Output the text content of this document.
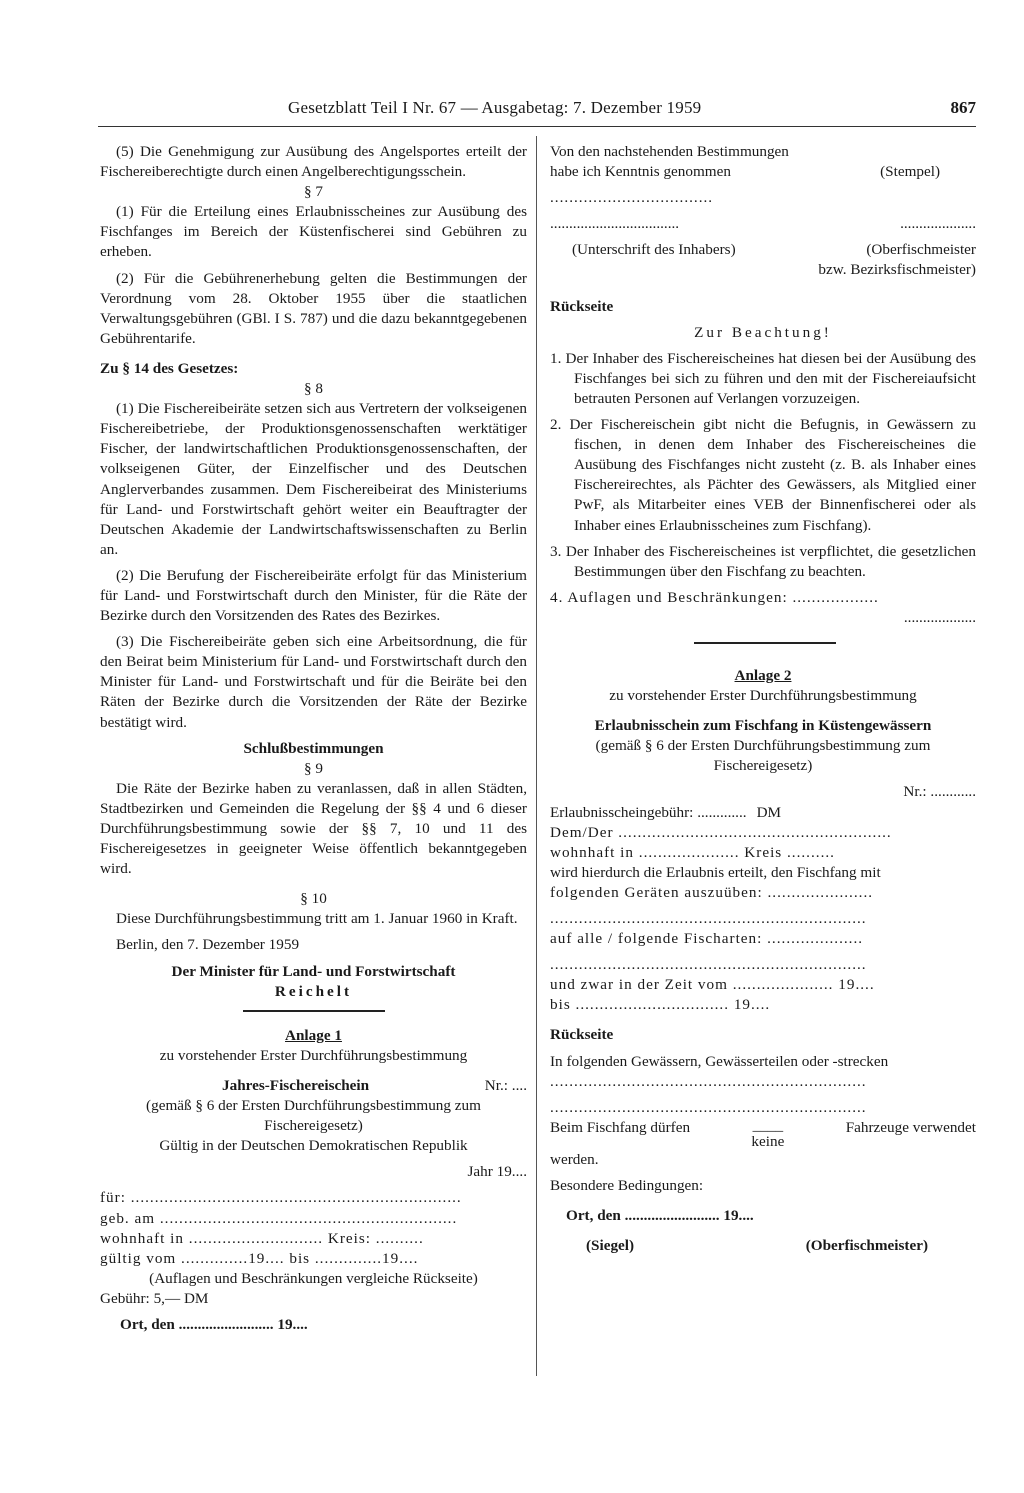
Gesetzblatt Teil I Nr. 67 — Ausgabetag: 7. Dezember 1959	867

(5) Die Genehmigung zur Ausübung des Angelsportes erteilt der Fischereiberechtigte durch einen Angelberechtigungsschein.

§ 7

(1) Für die Erteilung eines Erlaubnisscheines zur Ausübung des Fischfanges im Bereich der Küstenfischerei sind Gebühren zu erheben.

(2) Für die Gebührenerhebung gelten die Bestimmungen der Verordnung vom 28. Oktober 1955 über die staatlichen Verwaltungsgebühren (GBl. I S. 787) und die dazu bekanntgegebenen Gebührentarife.

Zu § 14 des Gesetzes:

§ 8

(1) Die Fischereibeiräte setzen sich aus Vertretern der volkseigenen Fischereibetriebe, der Produktionsgenossenschaften werktätiger Fischer, der landwirtschaftlichen Produktionsgenossenschaften, der volkseigenen Güter, der Einzelfischer und des Deutschen Anglerverbandes zusammen. Dem Fischereibeirat des Ministeriums für Land- und Forstwirtschaft gehört weiter ein Beauftragter der Deutschen Akademie der Landwirtschaftswissenschaften zu Berlin an.

(2) Die Berufung der Fischereibeiräte erfolgt für das Ministerium für Land- und Forstwirtschaft durch den Minister, für die Räte der Bezirke durch den Vorsitzenden des Rates des Bezirkes.

(3) Die Fischereibeiräte geben sich eine Arbeitsordnung, die für den Beirat beim Ministerium für Land- und Forstwirtschaft durch den Minister für Land- und Forstwirtschaft und für die Beiräte bei den Räten der Bezirke durch die Vorsitzenden der Räte der Bezirke bestätigt wird.

Schlußbestimmungen

§ 9

Die Räte der Bezirke haben zu veranlassen, daß in allen Städten, Stadtbezirken und Gemeinden die Regelung der §§ 4 und 6 dieser Durchführungsbestimmung sowie der §§ 7, 10 und 11 des Fischereigesetzes in geeigneter Weise öffentlich bekanntgegeben wird.

§ 10

Diese Durchführungsbestimmung tritt am 1. Januar 1960 in Kraft.

Berlin, den 7. Dezember 1959

Der Minister für Land- und Forstwirtschaft

Reichelt

Anlage 1

zu vorstehender Erster Durchführungsbestimmung

Jahres-Fischereischein	Nr.: ....

(gemäß § 6 der Ersten Durchführungsbestimmung zum Fischereigesetz)

Gültig in der Deutschen Demokratischen Republik

Jahr 19....

für: .....................................................................
geb. am ..............................................................
wohnhaft in ............................ Kreis: ..........
gültig vom ..............19.... bis ..............19....

(Auflagen und Beschränkungen vergleiche Rückseite)

Gebühr: 5,— DM

Ort, den ......................... 19....

Von den nachstehenden Bestimmungen

habe ich Kenntnis genommen	(Stempel)
..................................
..................................	....................
(Unterschrift des Inhabers)	(Oberfischmeister

bzw. Bezirksfischmeister)

Rückseite

Zur Beachtung!

1. Der Inhaber des Fischereischeines hat diesen bei der Ausübung des Fischfanges bei sich zu führen und den mit der Fischereiaufsicht betrauten Personen auf Verlangen vorzuzeigen.

2. Der Fischereischein gibt nicht die Befugnis, in Gewässern zu fischen, in denen dem Inhaber des Fischereischeines die Ausübung des Fischfanges nicht zusteht (z. B. als Inhaber eines Fischereirechtes, als Pächter des Gewässers, als Mitglied einer PwF, als Mitarbeiter eines VEB der Binnenfischerei oder als Inhaber eines Erlaubnisscheines zum Fischfang).

3. Der Inhaber des Fischereischeines ist verpflichtet, die gesetzlichen Bestimmungen über den Fischfang zu beachten.

4. Auflagen und Beschränkungen: ..................

...................

Anlage 2

zu vorstehender Erster Durchführungsbestimmung

Erlaubnisschein zum Fischfang in Küstengewässern

(gemäß § 6 der Ersten Durchführungsbestimmung zum Fischereigesetz)

Nr.: ............

Erlaubnisscheingebühr: ............. DM
Dem/Der .........................................................
wohnhaft in ..................... Kreis ..........

wird hierdurch die Erlaubnis erteilt, den Fischfang mit

folgenden Geräten auszuüben: ......................
..................................................................
auf alle / folgende Fischarten: ....................
..................................................................
und zwar in der Zeit vom ..................... 19....
bis ................................ 19....

Rückseite

In folgenden Gewässern, Gewässerteilen oder -strecken

..................................................................
..................................................................
Beim Fischfang dürfen	____
keine
Fahrzeuge verwendet

werden.

Besondere Bedingungen:

Ort, den ......................... 19....

(Siegel)	(Oberfischmeister)
